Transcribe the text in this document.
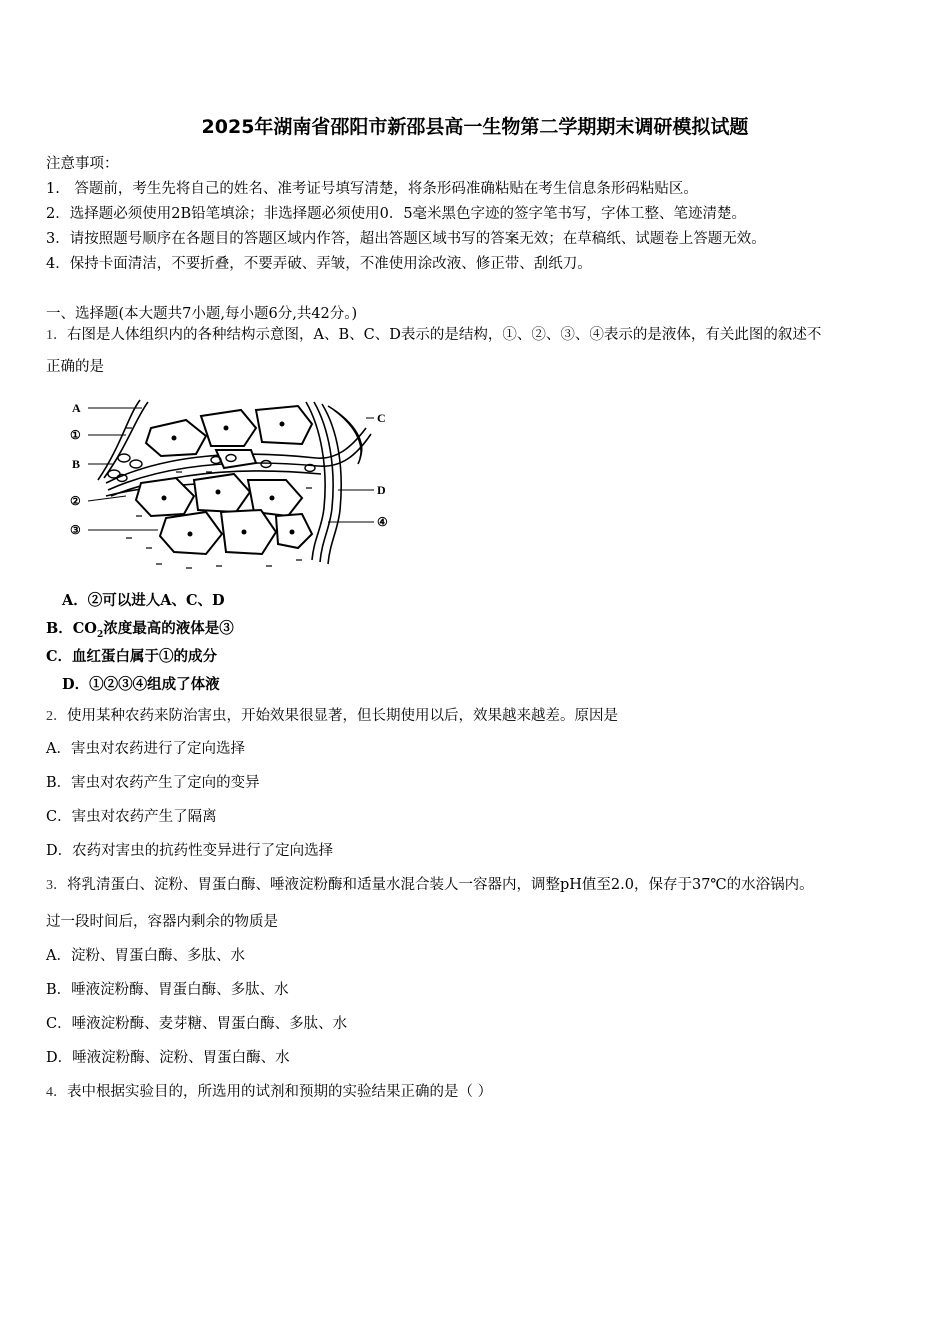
2025年湖南省邵阳市新邵县高一生物第二学期期末调研模拟试题
注意事项：
1.　答题前，考生先将自己的姓名、准考证号填写清楚，将条形码准确粘贴在考生信息条形码粘贴区。
2．选择题必须使用2B铅笔填涂；非选择题必须使用0．5毫米黑色字迹的签字笔书写，字体工整、笔迹清楚。
3．请按照题号顺序在各题目的答题区域内作答，超出答题区域书写的答案无效；在草稿纸、试题卷上答题无效。
4．保持卡面清洁，不要折叠，不要弄破、弄皱，不准使用涂改液、修正带、刮纸刀。
一、选择题(本大题共7小题,每小题6分,共42分。)
1．右图是人体组织内的各种结构示意图，A、B、C、D表示的是结构，①、②、③、④表示的是液体，有关此图的叙述不
正确的是
A
①
B
②
③
C
D
④
A．②可以进人A、C、D
B．$CO_2$浓度最高的液体是③
C．血红蛋白属于①的成分
D．①②③④组成了体液
2．使用某种农药来防治害虫，开始效果很显著，但长期使用以后，效果越来越差。原因是
A．害虫对农药进行了定向选择
B．害虫对农药产生了定向的变异
C．害虫对农药产生了隔离
D．农药对害虫的抗药性变异进行了定向选择
3．将乳清蛋白、淀粉、胃蛋白酶、唾液淀粉酶和适量水混合装人一容器内，调整pH值至2.0，保存于37℃的水浴锅内。
过一段时间后，容器内剩余的物质是
A．淀粉、胃蛋白酶、多肽、水
B．唾液淀粉酶、胃蛋白酶、多肽、水
C．唾液淀粉酶、麦芽糖、胃蛋白酶、多肽、水
D．唾液淀粉酶、淀粉、胃蛋白酶、水
4．表中根据实验目的，所选用的试剂和预期的实验结果正确的是（ ）
